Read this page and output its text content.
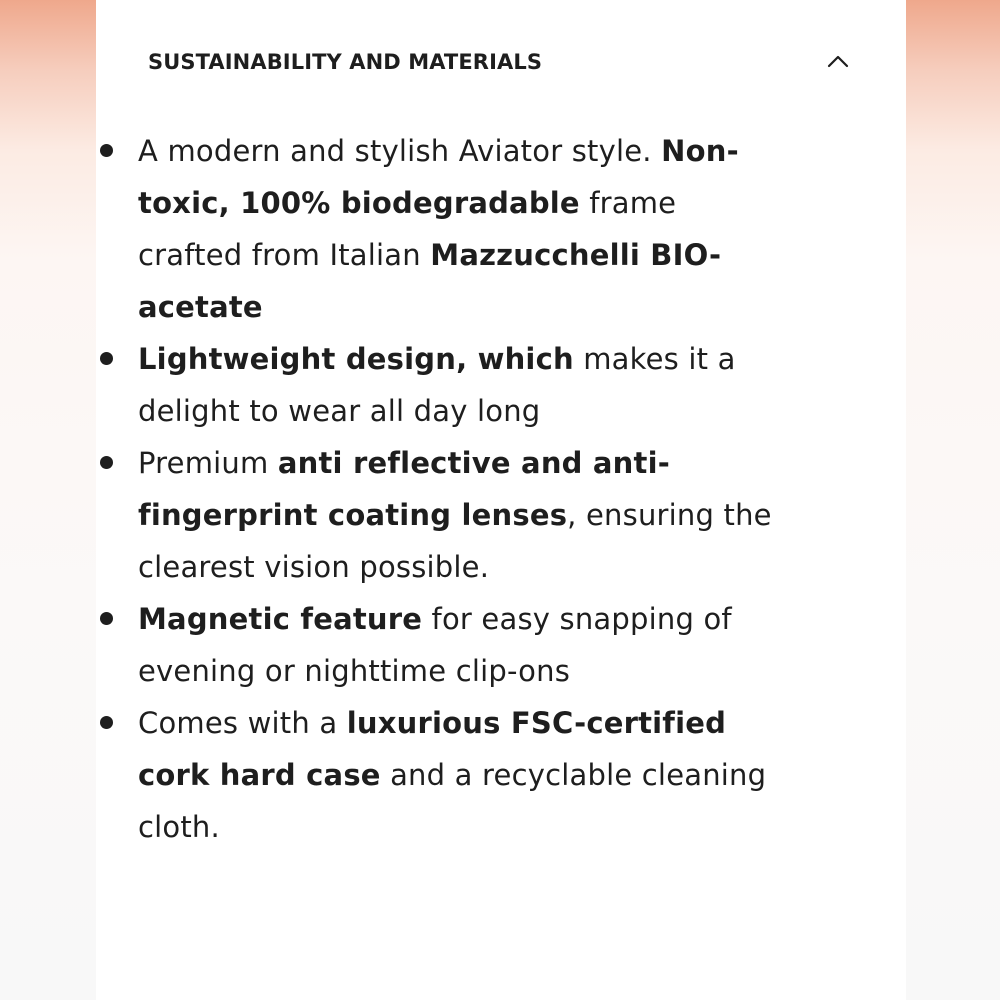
SUSTAINABILITY AND MATERIALS
A modern and stylish Aviator style. Non-toxic, 100% biodegradable frame crafted from Italian Mazzucchelli BIO-acetate
Lightweight design, which makes it a delight to wear all day long
Premium anti reflective and anti-fingerprint coating lenses, ensuring the clearest vision possible.
Magnetic feature for easy snapping of evening or nighttime clip-ons
Comes with a luxurious FSC-certified cork hard case and a recyclable cleaning cloth.
